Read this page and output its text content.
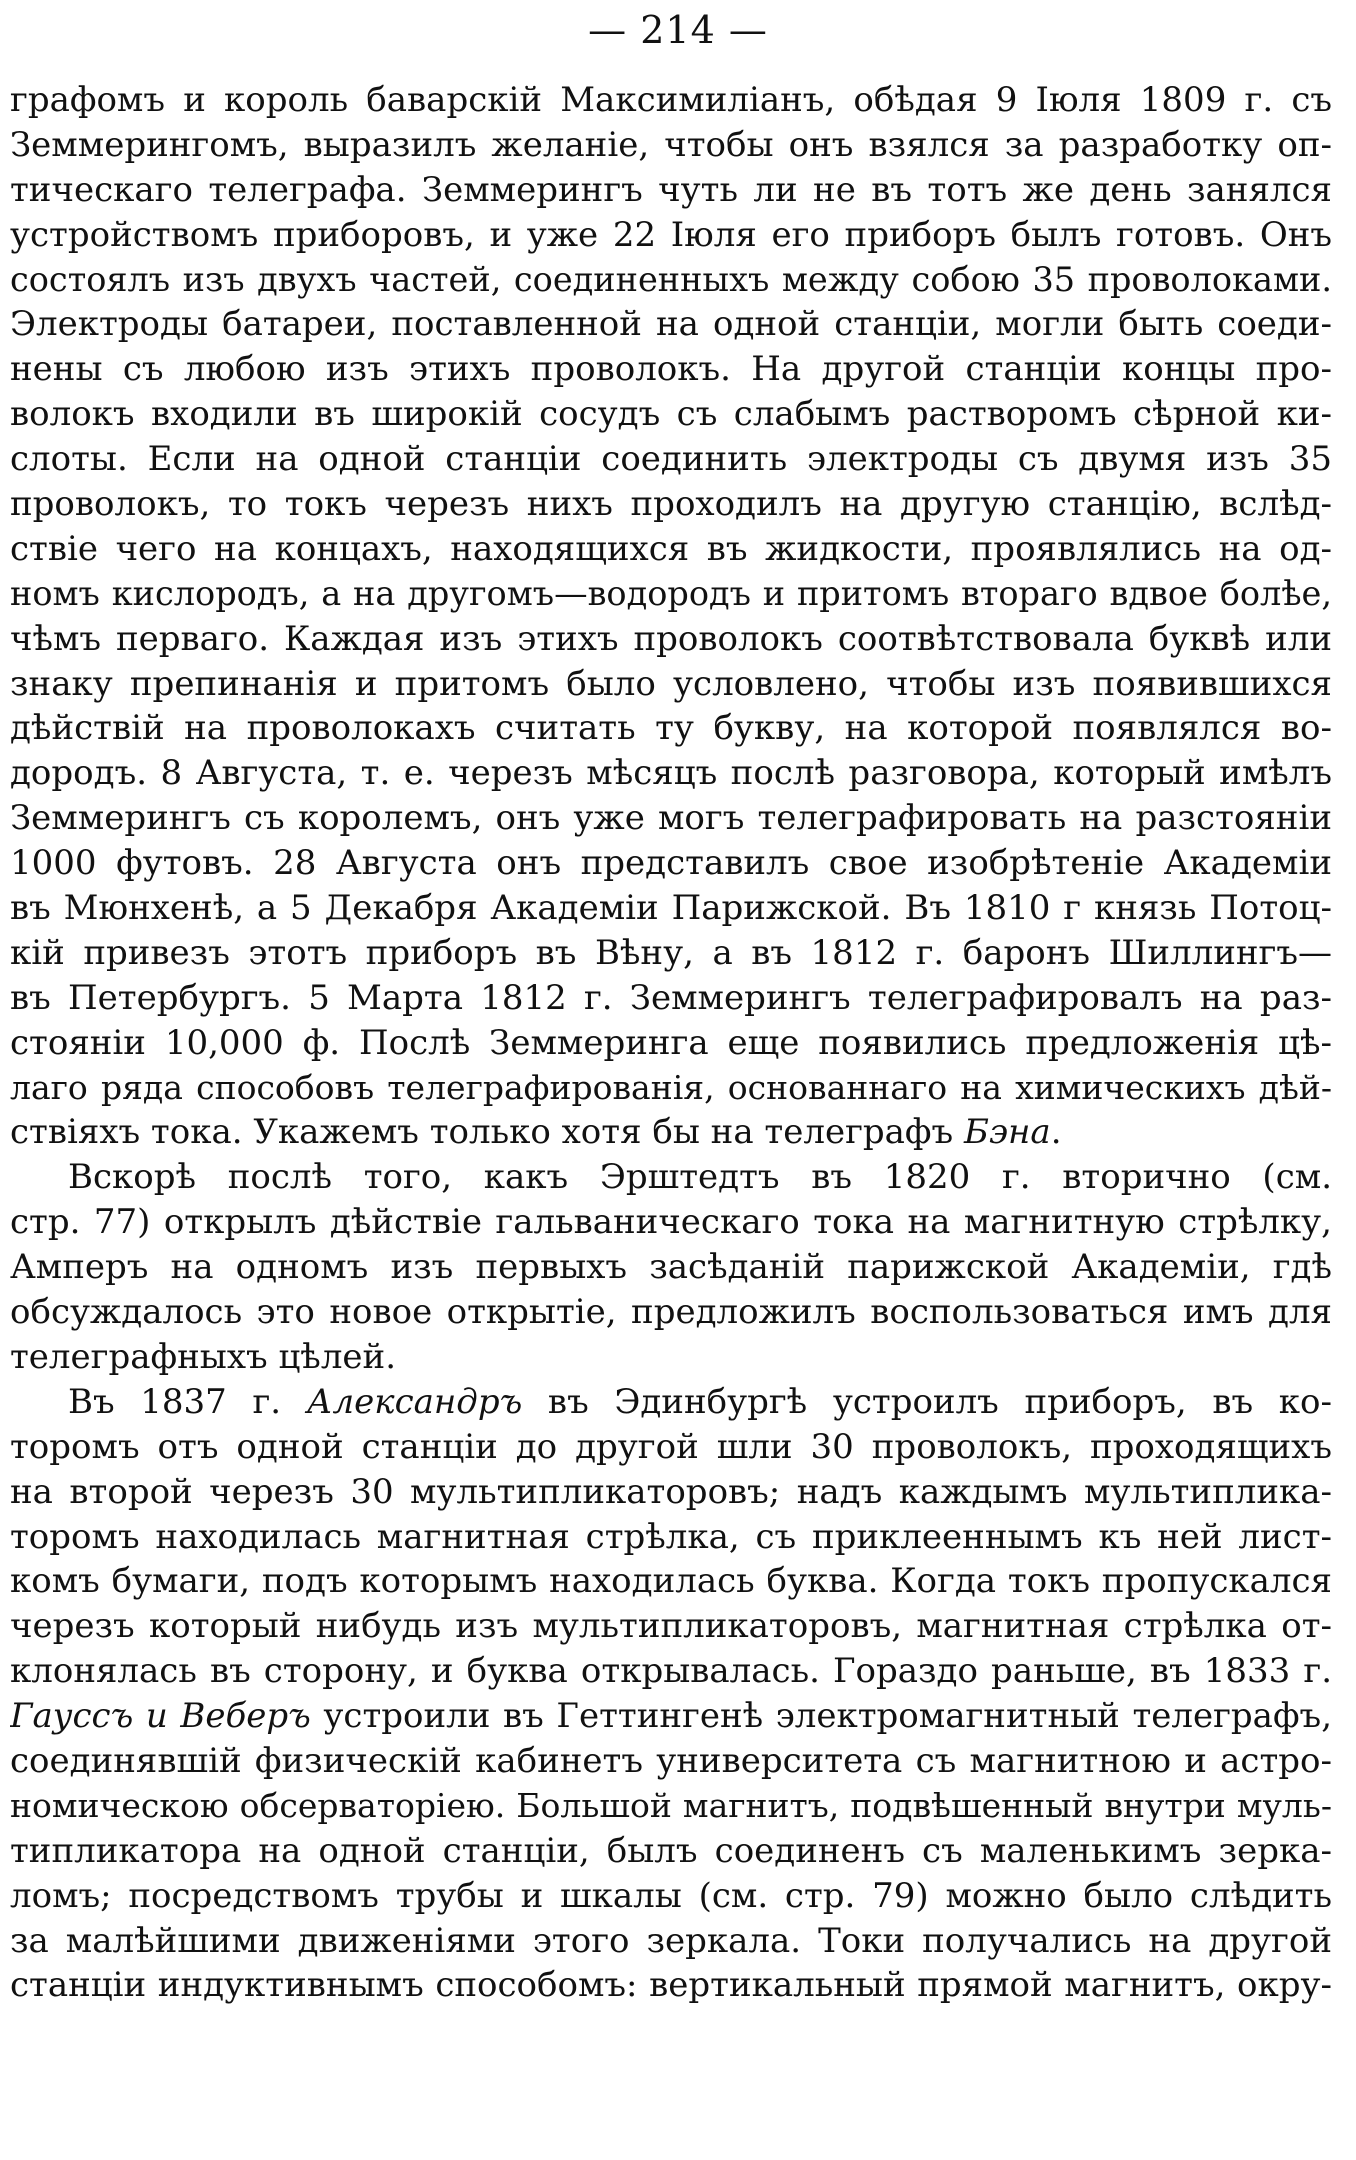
— 214 —
графомъ и король баварскій Максимиліанъ, обѣдая 9 Іюля 1809 г. съ
Земмерингомъ, выразилъ желаніе, чтобы онъ взялся за разработку оп-
тическаго телеграфа. Земмерингъ чуть ли не въ тотъ же день занялся
устройствомъ приборовъ, и уже 22 Іюля его приборъ былъ готовъ. Онъ
состоялъ изъ двухъ частей, соединенныхъ между собою 35 проволоками.
Электроды батареи, поставленной на одной станціи, могли быть соеди-
нены съ любою изъ этихъ проволокъ. На другой станціи концы про-
волокъ входили въ широкій сосудъ съ слабымъ растворомъ сѣрной ки-
слоты. Если на одной станціи соединить электроды съ двумя изъ 35
проволокъ, то токъ черезъ нихъ проходилъ на другую станцію, вслѣд-
ствіе чего на концахъ, находящихся въ жидкости, проявлялись на од-
номъ кислородъ, а на другомъ—водородъ и притомъ втораго вдвое болѣе,
чѣмъ перваго. Каждая изъ этихъ проволокъ соотвѣтствовала буквѣ или
знаку препинанія и притомъ было условлено, чтобы изъ появившихся
дѣйствій на проволокахъ считать ту букву, на которой появлялся во-
дородъ. 8 Августа, т. е. черезъ мѣсяцъ послѣ разговора, который имѣлъ
Земмерингъ съ королемъ, онъ уже могъ телеграфировать на разстояніи
1000 футовъ. 28 Августа онъ представилъ свое изобрѣтеніе Академіи
въ Мюнхенѣ, а 5 Декабря Академіи Парижской. Въ 1810 г князь Потоц-
кій привезъ этотъ приборъ въ Вѣну, а въ 1812 г. баронъ Шиллингъ—
въ Петербургъ. 5 Марта 1812 г. Земмерингъ телеграфировалъ на раз-
стояніи 10,000 ф. Послѣ Земмеринга еще появились предложенія цѣ-
лаго ряда способовъ телеграфированія, основаннаго на химическихъ дѣй-
ствіяхъ тока. Укажемъ только хотя бы на телеграфъ Бэна.
Вскорѣ послѣ того, какъ Эрштедтъ въ 1820 г. вторично (см.
стр. 77) открылъ дѣйствіе гальваническаго тока на магнитную стрѣлку,
Амперъ на одномъ изъ первыхъ засѣданій парижской Академіи, гдѣ
обсуждалось это новое открытіе, предложилъ воспользоваться имъ для
телеграфныхъ цѣлей.
Въ 1837 г. Александръ въ Эдинбургѣ устроилъ приборъ, въ ко-
торомъ отъ одной станціи до другой шли 30 проволокъ, проходящихъ
на второй черезъ 30 мультипликаторовъ; надъ каждымъ мультиплика-
торомъ находилась магнитная стрѣлка, съ приклееннымъ къ ней лист-
комъ бумаги, подъ которымъ находилась буква. Когда токъ пропускался
черезъ который нибудь изъ мультипликаторовъ, магнитная стрѣлка от-
клонялась въ сторону, и буква открывалась. Гораздо раньше, въ 1833 г.
Гауссъ и Веберъ устроили въ Геттингенѣ электромагнитный телеграфъ,
соединявшій физическій кабинетъ университета съ магнитною и астро-
номическою обсерваторіею. Большой магнитъ, подвѣшенный внутри муль-
типликатора на одной станціи, былъ соединенъ съ маленькимъ зерка-
ломъ; посредствомъ трубы и шкалы (см. стр. 79) можно было слѣдить
за малѣйшими движеніями этого зеркала. Токи получались на другой
станціи индуктивнымъ способомъ: вертикальный прямой магнитъ, окру-
